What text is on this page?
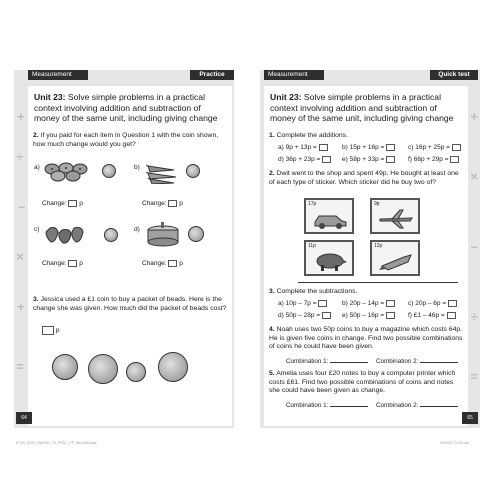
+
÷
–
×
+
=
Measurement	Practice
Unit 23: Solve simple problems in a practical context involving addition and subtraction of money of the same unit, including giving change
2. If you paid for each item in Question 1 with the coin shown, how much change would you get?
a)
Change: p
b)
Change: p
c)
Change: p
d)
Change: p
3. Jessica used a £1 coin to buy a packet of beads. Here is the change she was given. How much did the packet of beads cost?
p
64
+
×
–
÷
=
Measurement	Quick test
Unit 23: Solve simple problems in a practical context involving addition and subtraction of money of the same unit, including giving change
1. Complete the additions.
a) 9p + 13p =	b) 15p + 16p =	c) 16p + 25p =
d) 36p + 23p =	e) 58p + 33p =	f) 66p + 29p =
2. Dwit went to the shop and spent 49p. He bought at least one of each type of sticker. Which sticker did he buy two of?
17p	9p
11p	12p
3. Complete the subtractions.
a) 10p – 7p =	b) 20p – 14p =	c) 20p – 6p =
d) 50p – 28p =	e) 50p – 16p =	f) £1 – 46p =
4. Noah uses two 50p coins to buy a magazine which costs 64p. He is given five coins in change. Find two possible combinations of coins he could have been given.
Combination 1:	Combination 2:
5. Amelia uses four £20 notes to buy a computer printer which costs £61. Find two possible combinations of coins and notes she could have been given as change.
Combination 1:	Combination 2:
65
ET1B_KS2S_MATHS_Y3_PRAC_PP_064-065.indd	25/04/17 10:20 am
